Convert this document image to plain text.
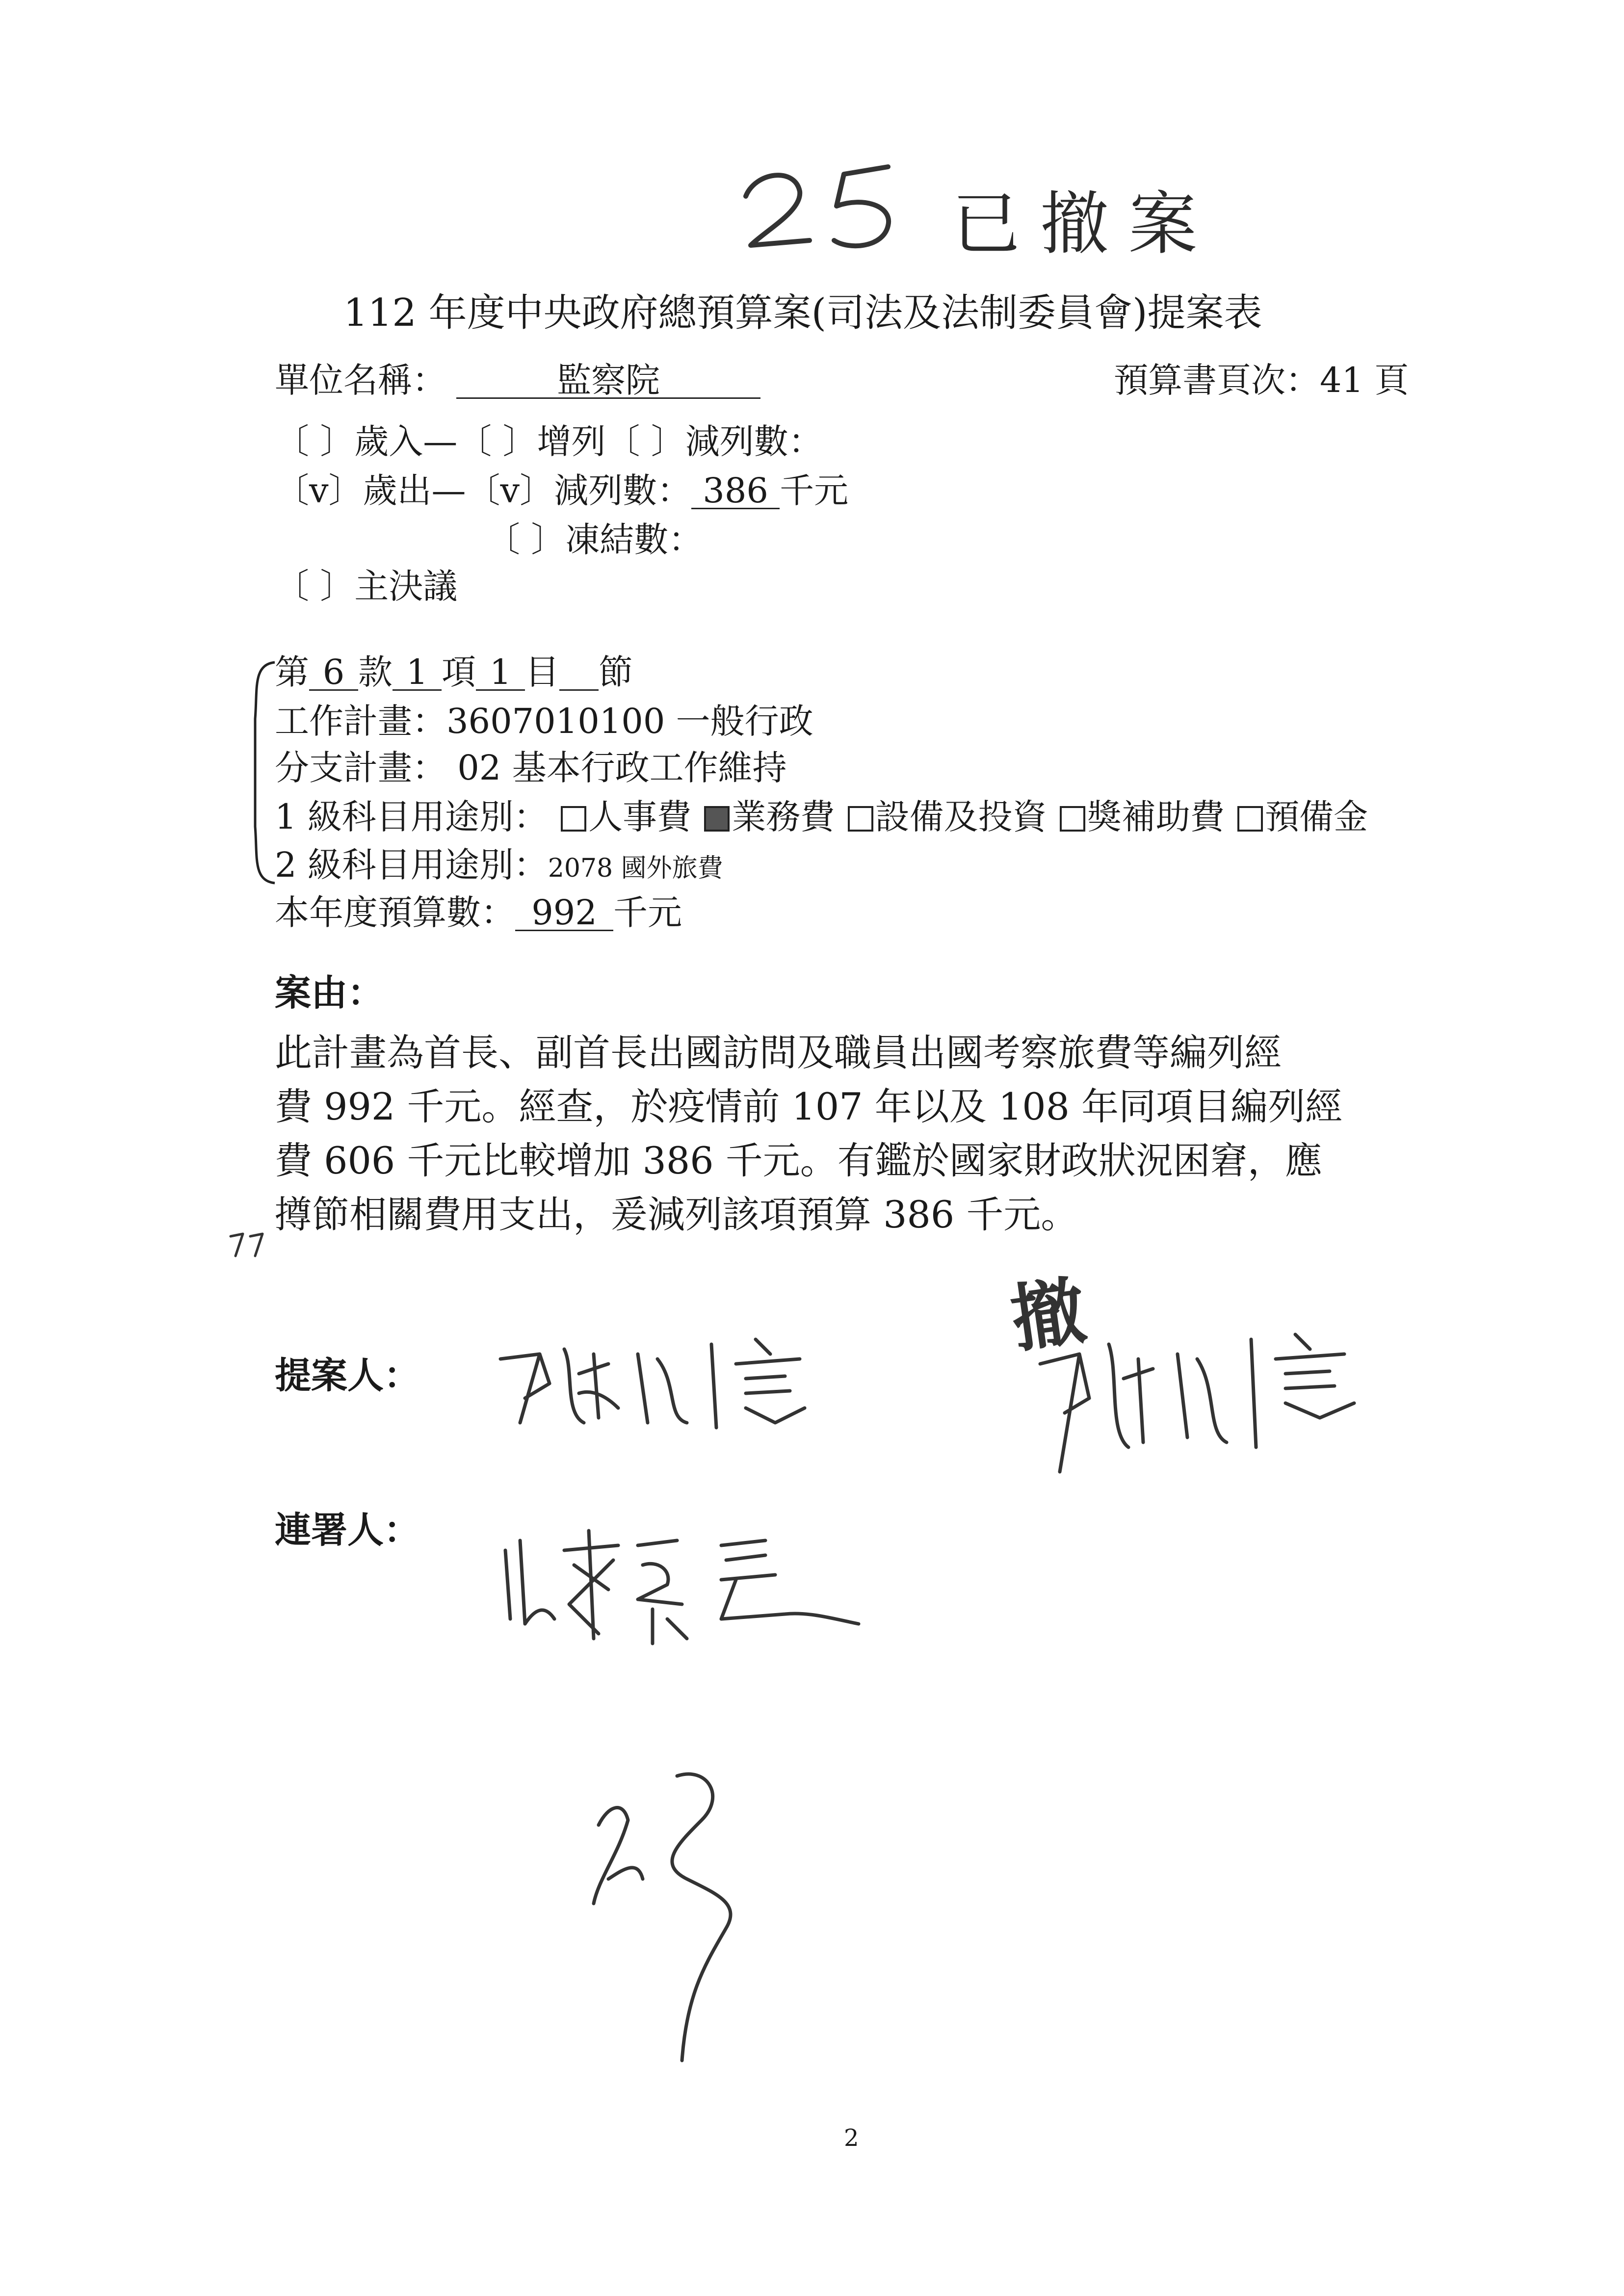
已撤案
112 年度中央政府總預算案(司法及法制委員會)提案表
單位名稱：	監察院	預算書頁次：41 頁
〔 〕歲入—〔 〕增列〔 〕減列數：
〔v〕歲出—〔v〕減列數： 386 千元
〔 〕凍結數：
〔 〕主決議
第 6 款 1 項 1 目 節
工作計畫：3607010100 一般行政
分支計畫： 02 基本行政工作維持
1 級科目用途別： 人事費 業務費 設備及投資 獎補助費 預備金
2 級科目用途別：2078 國外旅費
本年度預算數： 992 千元
案由：
此計畫為首長、副首長出國訪問及職員出國考察旅費等編列經
費 992 千元。經查，於疫情前 107 年以及 108 年同項目編列經
費 606 千元比較增加 386 千元。有鑑於國家財政狀況困窘，應
撙節相關費用支出，爰減列該項預算 386 千元。
提案人：
撤
連署人：
2
